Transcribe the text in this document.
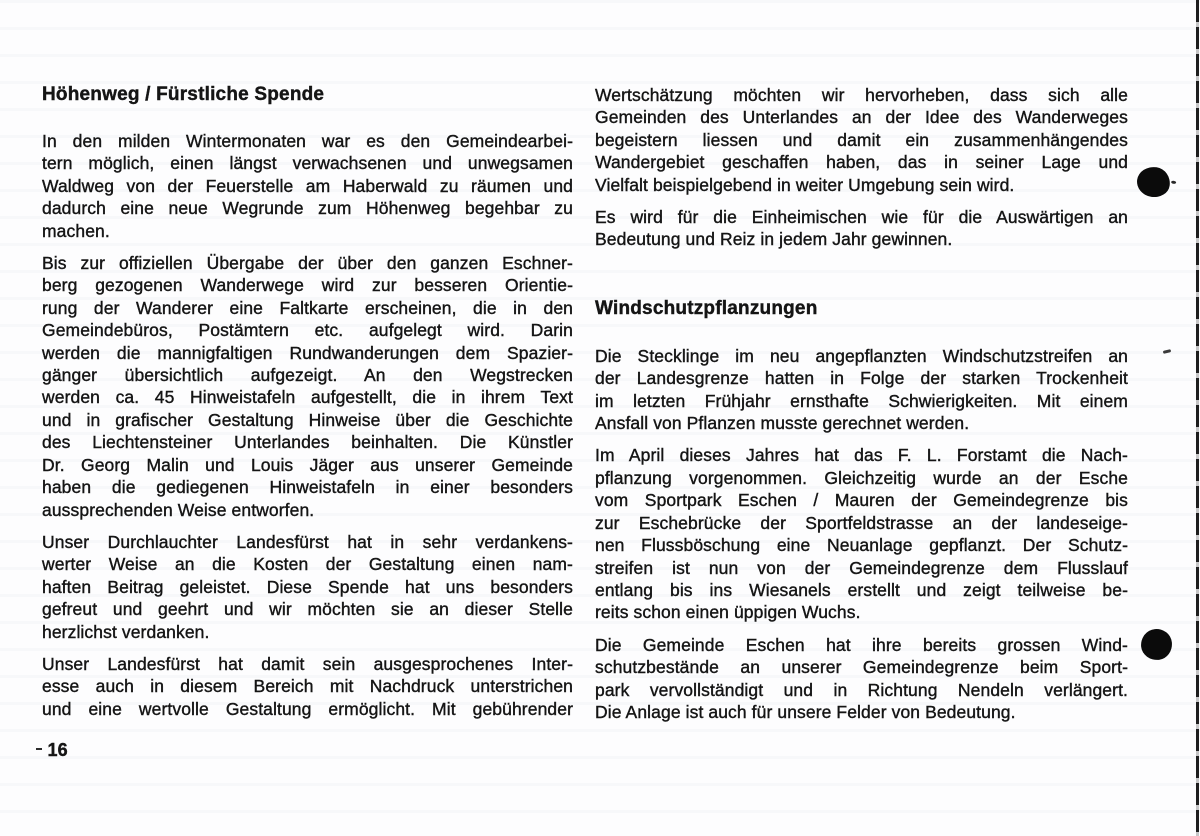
Höhenweg / Fürstliche Spende
In den milden Wintermonaten war es den Gemeindearbei-
tern möglich, einen längst verwachsenen und unwegsamen
Waldweg von der Feuerstelle am Haberwald zu räumen und
dadurch eine neue Wegrunde zum Höhenweg begehbar zu
machen.
Bis zur offiziellen Übergabe der über den ganzen Eschner-
berg gezogenen Wanderwege wird zur besseren Orientie-
rung der Wanderer eine Faltkarte erscheinen, die in den
Gemeindebüros, Postämtern etc. aufgelegt wird. Darin
werden die mannigfaltigen Rundwanderungen dem Spazier-
gänger übersichtlich aufgezeigt. An den Wegstrecken
werden ca. 45 Hinweistafeln aufgestellt, die in ihrem Text
und in grafischer Gestaltung Hinweise über die Geschichte
des Liechtensteiner Unterlandes beinhalten. Die Künstler
Dr. Georg Malin und Louis Jäger aus unserer Gemeinde
haben die gediegenen Hinweistafeln in einer besonders
aussprechenden Weise entworfen.
Unser Durchlauchter Landesfürst hat in sehr verdankens-
werter Weise an die Kosten der Gestaltung einen nam-
haften Beitrag geleistet. Diese Spende hat uns besonders
gefreut und geehrt und wir möchten sie an dieser Stelle
herzlichst verdanken.
Unser Landesfürst hat damit sein ausgesprochenes Inter-
esse auch in diesem Bereich mit Nachdruck unterstrichen
und eine wertvolle Gestaltung ermöglicht. Mit gebührender
Wertschätzung möchten wir hervorheben, dass sich alle
Gemeinden des Unterlandes an der Idee des Wanderweges
begeistern liessen und damit ein zusammenhängendes
Wandergebiet geschaffen haben, das in seiner Lage und
Vielfalt beispielgebend in weiter Umgebung sein wird.
Es wird für die Einheimischen wie für die Auswärtigen an
Bedeutung und Reiz in jedem Jahr gewinnen.
Windschutzpflanzungen
Die Stecklinge im neu angepflanzten Windschutzstreifen an
der Landesgrenze hatten in Folge der starken Trockenheit
im letzten Frühjahr ernsthafte Schwierigkeiten. Mit einem
Ansfall von Pflanzen musste gerechnet werden.
Im April dieses Jahres hat das F. L. Forstamt die Nach-
pflanzung vorgenommen. Gleichzeitig wurde an der Esche
vom Sportpark Eschen / Mauren der Gemeindegrenze bis
zur Eschebrücke der Sportfeldstrasse an der landeseige-
nen Flussböschung eine Neuanlage gepflanzt. Der Schutz-
streifen ist nun von der Gemeindegrenze dem Flusslauf
entlang bis ins Wiesanels erstellt und zeigt teilweise be-
reits schon einen üppigen Wuchs.
Die Gemeinde Eschen hat ihre bereits grossen Wind-
schutzbestände an unserer Gemeindegrenze beim Sport-
park vervollständigt und in Richtung Nendeln verlängert.
Die Anlage ist auch für unsere Felder von Bedeutung.
16
